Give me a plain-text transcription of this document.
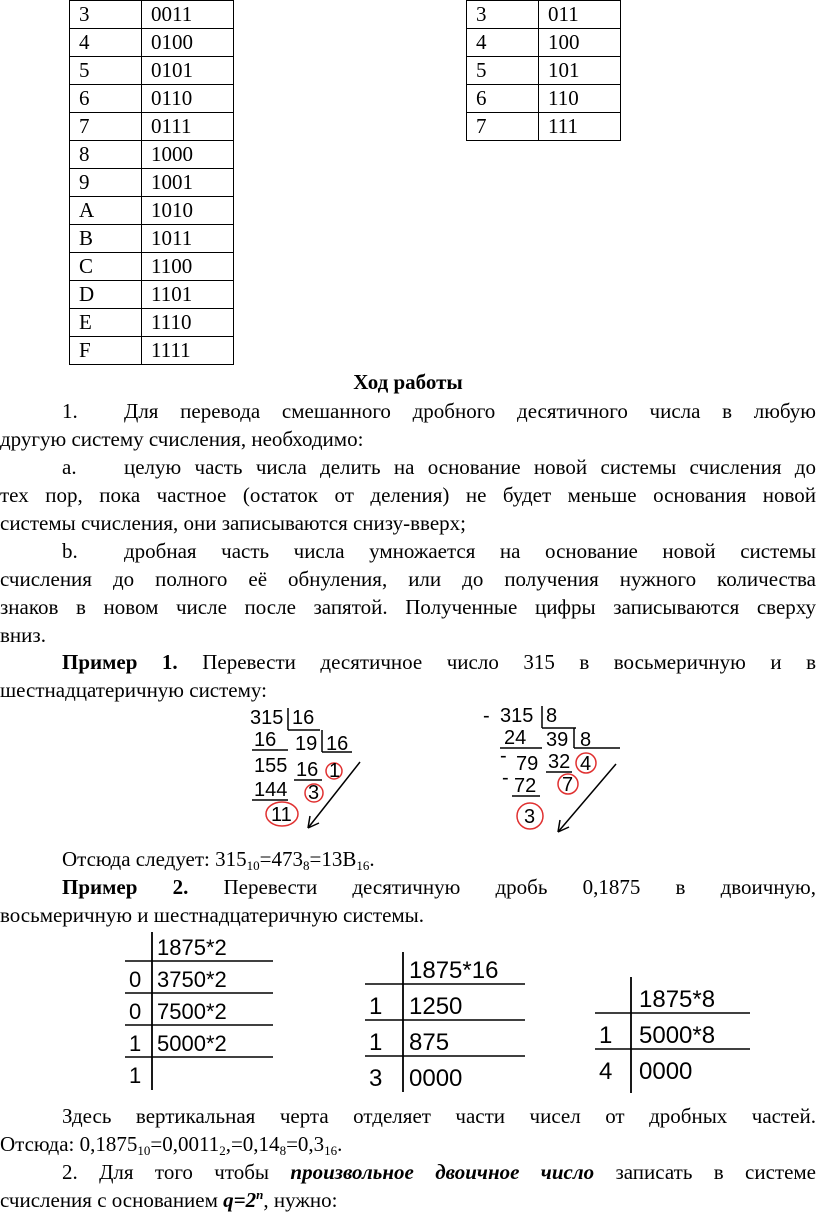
3	0011
4	0100
5	0101
6	0110
7	0111
8	1000
9	1001
A	1010
B	1011
C	1100
D	1101
E	1110
F	1111
3	011
4	100
5	101
6	110
7	111
Ход работы
1. Для перевода смешанного дробного десятичного числа в любую
другую систему счисления, необходимо:
a. целую часть числа делить на основание новой системы счисления до
тех пор, пока частное (остаток от деления) не будет меньше основания новой
системы счисления, они записываются снизу-вверх;
b. дробная часть числа умножается на основание новой системы
счисления до полного её обнуления, или до получения нужного количества
знаков в новом числе после запятой. Полученные цифры записываются сверху
вниз.
Пример 1. Перевести десятичное число 315 в восьмеричную и в
шестнадцатеричную систему:
315 16
16 19 16
155 16 1
144 3
11
- 315 8
24 39 8
- 79 32 4
- 72 7
3
Отсюда следует: $315_{10}=473_8=13B_{16}$.
Пример 2. Перевести десятичную дробь 0,1875 в двоичную,
восьмеричную и шестнадцатеричную системы.
1875*2
0 3750*2
0 7500*2
1 5000*2
1
1875*16
1 1250
1 875
3 0000
1875*8
1 5000*8
4 0000
Здесь вертикальная черта отделяет части чисел от дробных частей.
Отсюда: $0,1875_{10}=0,0011_2,=0,14_8=0,3_{16}$.
2. Для того чтобы произвольное двоичное число записать в системе
счисления с основанием $q=2^n$, нужно:
